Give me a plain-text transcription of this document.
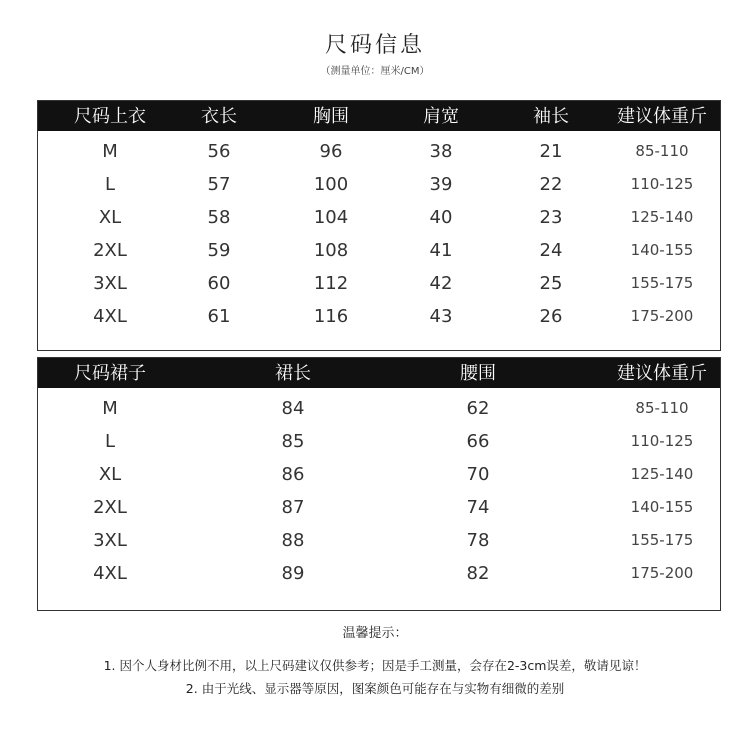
尺码信息
（测量单位：厘米/CM）
尺码上衣	衣长	胸围	肩宽	袖长	建议体重斤
M	56	96	38	21	85-110
L	57	100	39	22	110-125
XL	58	104	40	23	125-140
2XL	59	108	41	24	140-155
3XL	60	112	42	25	155-175
4XL	61	116	43	26	175-200
尺码裙子	裙长	腰围	建议体重斤
M	84	62	85-110
L	85	66	110-125
XL	86	70	125-140
2XL	87	74	140-155
3XL	88	78	155-175
4XL	89	82	175-200
温馨提示：
1. 因个人身材比例不用，以上尺码建议仅供参考；因是手工测量，会存在2-3cm误差，敬请见谅！
2. 由于光线、显示器等原因，图案颜色可能存在与实物有细微的差别
